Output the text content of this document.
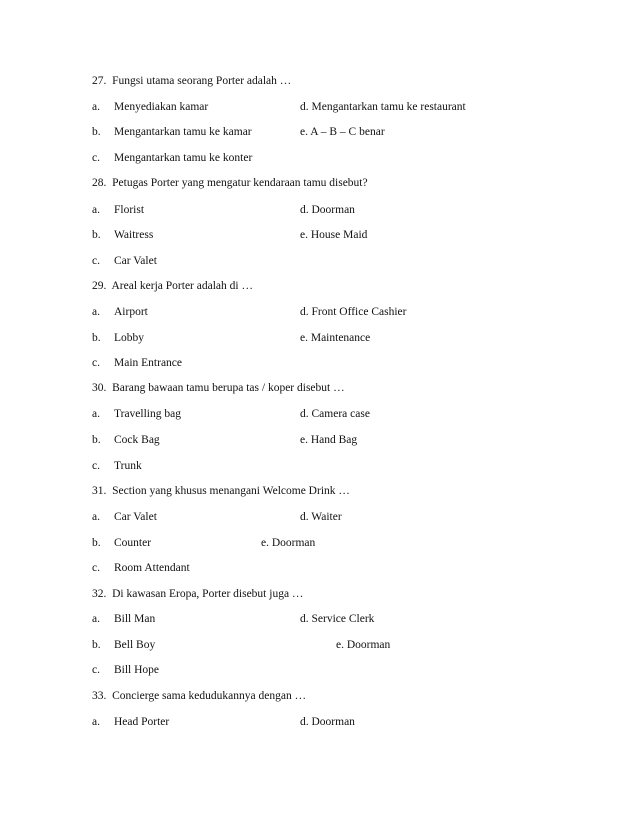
27. Fungsi utama seorang Porter adalah …
a. Menyediakan kamar	d. Mengantarkan tamu ke restaurant
b. Mengantarkan tamu ke kamar	e. A – B – C benar
c. Mengantarkan tamu ke konter
28. Petugas Porter yang mengatur kendaraan tamu disebut?
a. Florist	d. Doorman
b. Waitress	e. House Maid
c. Car Valet
29. Areal kerja Porter adalah di …
a. Airport	d. Front Office Cashier
b. Lobby	e. Maintenance
c. Main Entrance
30. Barang bawaan tamu berupa tas / koper disebut …
a. Travelling bag	d. Camera case
b. Cock Bag	e. Hand Bag
c. Trunk
31. Section yang khusus menangani Welcome Drink …
a. Car Valet	d. Waiter
b. Counter	e. Doorman
c. Room Attendant
32. Di kawasan Eropa, Porter disebut juga …
a. Bill Man	d. Service Clerk
b. Bell Boy	e. Doorman
c. Bill Hope
33. Concierge sama kedudukannya dengan …
a. Head Porter	d. Doorman
